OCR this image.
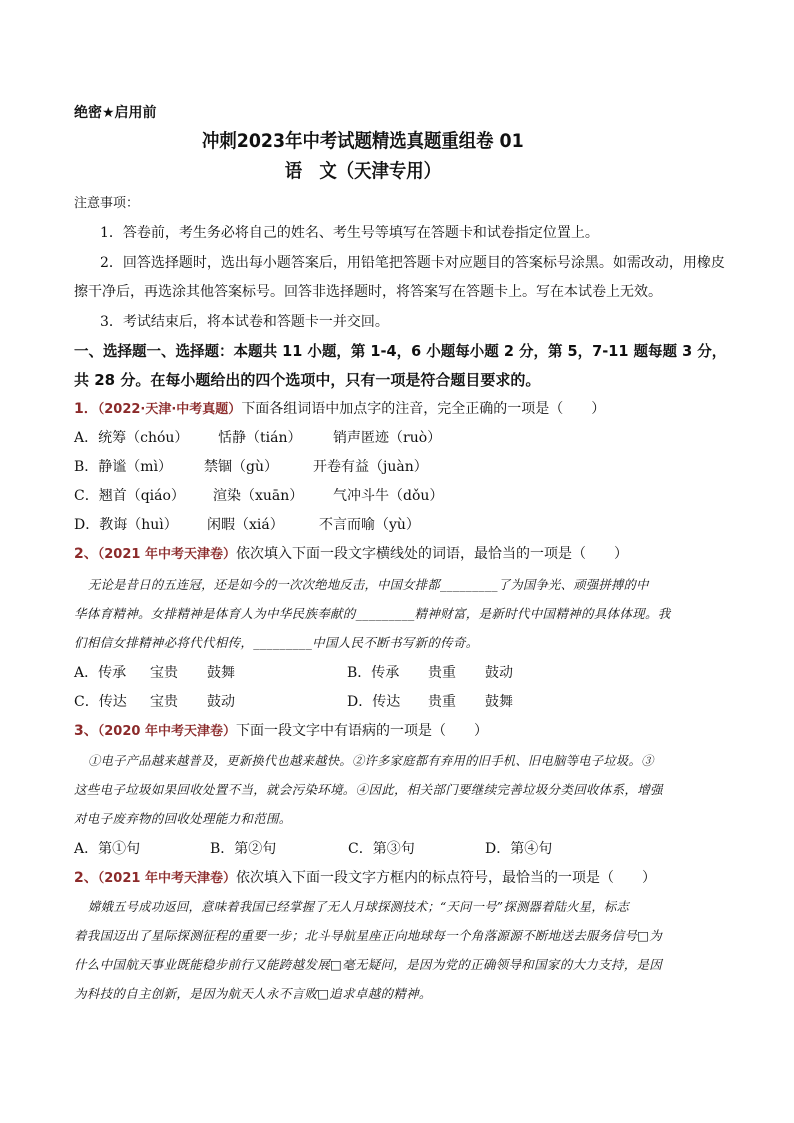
绝密★启用前
冲刺2023年中考试题精选真题重组卷 01
语　文（天津专用）
注意事项：
1．答卷前，考生务必将自己的姓名、考生号等填写在答题卡和试卷指定位置上。
2．回答选择题时，选出每小题答案后，用铅笔把答题卡对应题目的答案标号涂黑。如需改动，用橡皮
擦干净后，再选涂其他答案标号。回答非选择题时，将答案写在答题卡上。写在本试卷上无效。
3．考试结束后，将本试卷和答题卡一并交回。
一、选择题一、选择题：本题共 11 小题，第 1-4，6 小题每小题 2 分，第 5，7-11 题每题 3 分，
共 28 分。在每小题给出的四个选项中，只有一项是符合题目要求的。
1．（2022·天津·中考真题）下面各组词语中加点字的注音，完全正确的一项是（　　）
A．统筹（chóu） 恬静（tián） 销声匿迹（ruò）
B．静谧（mì） 禁锢（gù）	开卷有益（juàn）
C．翘首（qiáo） 渲染（xuān） 气冲斗牛（dǒu）
D．教诲（huì） 闲暇（xiá）	不言而喻（yù）
2、（2021 年中考天津卷）依次填入下面一段文字横线处的词语，最恰当的一项是（　　）
无论是昔日的五连冠，还是如今的一次次绝地反击，中国女排都_________了为国争光、顽强拼搏的中
华体育精神。女排精神是体育人为中华民族奉献的_________精神财富，是新时代中国精神的具体体现。我
们相信女排精神必将代代相传，_________中国人民不断书写新的传奇。
A．传承 宝贵 鼓舞	B．传承 贵重 鼓动
C．传达 宝贵 鼓动	D．传达 贵重 鼓舞
3、（2020 年中考天津卷）下面一段文字中有语病的一项是（　　）
①电子产品越来越普及，更新换代也越来越快。②许多家庭都有弃用的旧手机、旧电脑等电子垃圾。③
这些电子垃圾如果回收处置不当，就会污染环境。④因此，相关部门要继续完善垃圾分类回收体系，增强
对电子废弃物的回收处理能力和范围。
A．第①句	B．第②句	C．第③句	D．第④句
2、（2021 年中考天津卷）依次填入下面一段文字方框内的标点符号，最恰当的一项是（　　）
嫦娥五号成功返回，意味着我国已经掌握了无人月球探测技术；“天问一号”探测器着陆火星，标志
着我国迈出了星际探测征程的重要一步；北斗导航星座正向地球每一个角落源源不断地送去服务信号□为
什么中国航天事业既能稳步前行又能跨越发展□毫无疑问，是因为党的正确领导和国家的大力支持，是因
为科技的自主创新，是因为航天人永不言败□追求卓越的精神。
